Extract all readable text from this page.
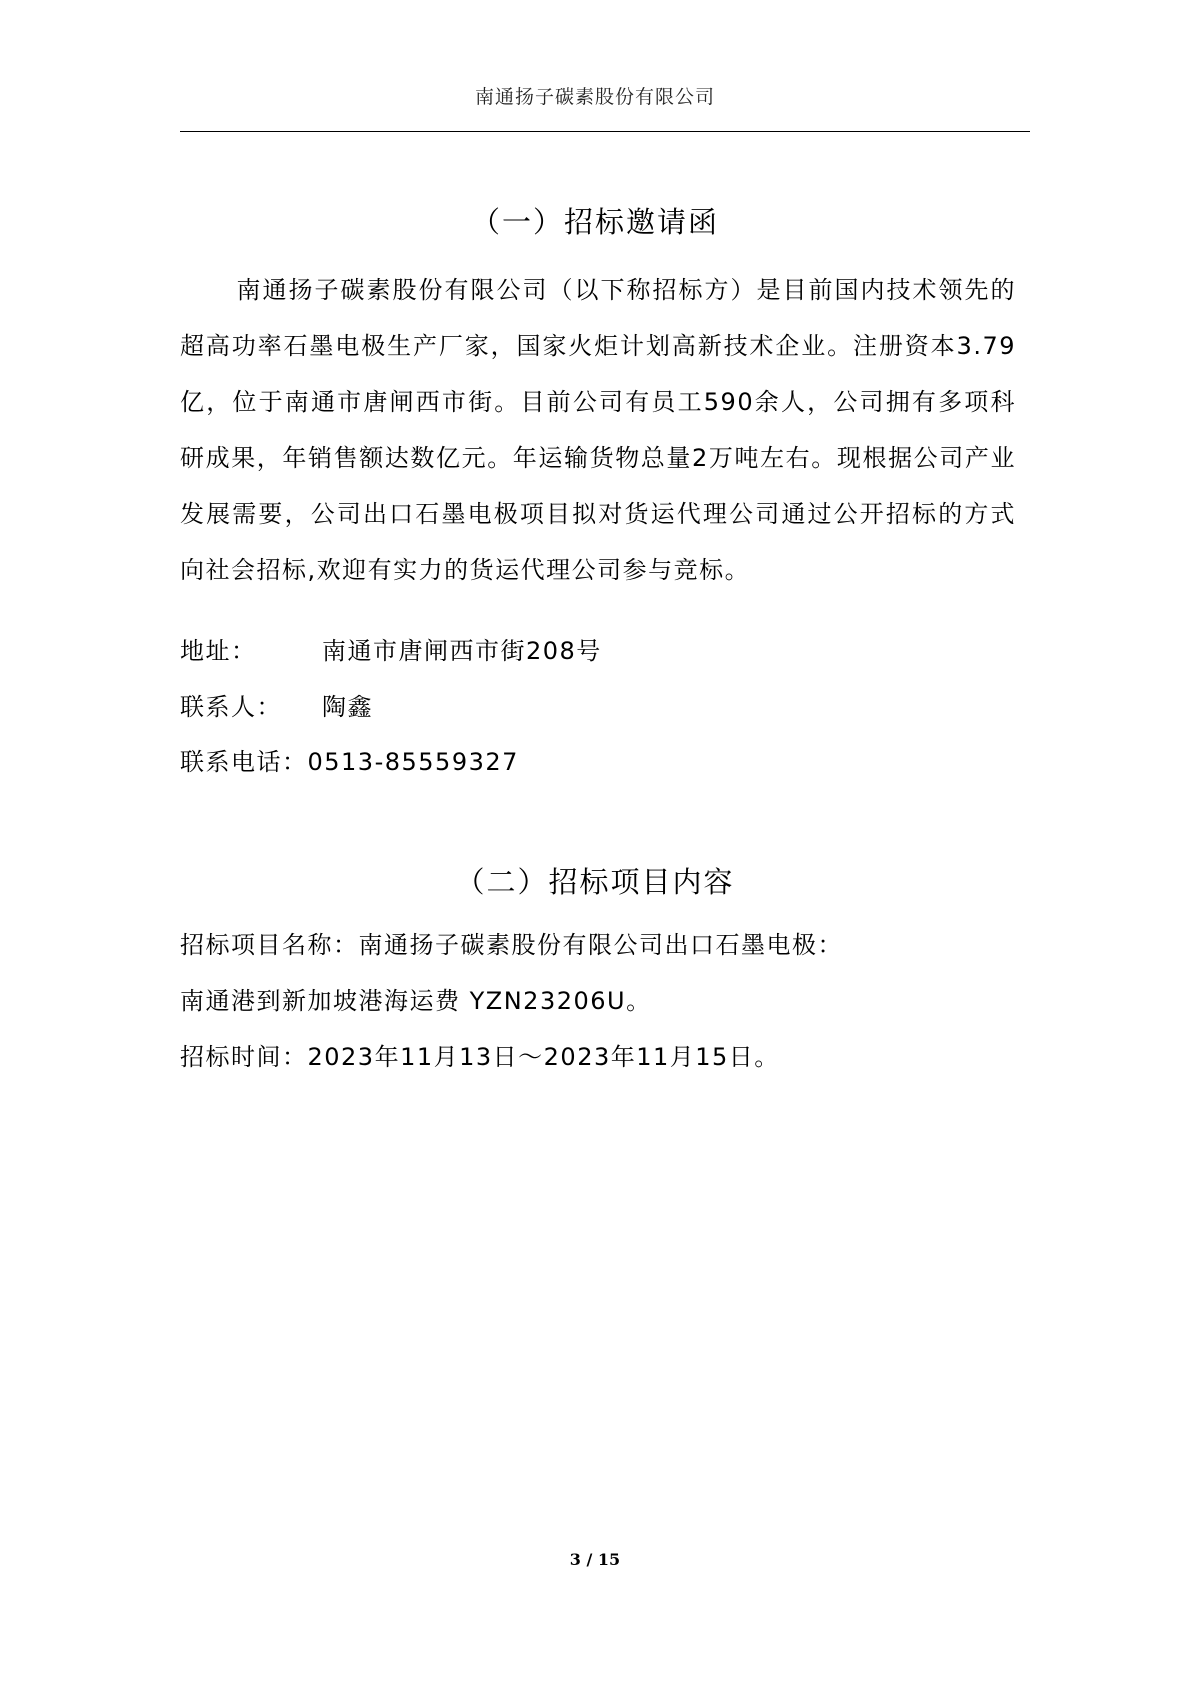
南通扬子碳素股份有限公司
（一）招标邀请函

南通扬子碳素股份有限公司（以下称招标方）是目前国内技术领先的超高功率石墨电极生产厂家，国家火炬计划高新技术企业。注册资本3.79亿，位于南通市唐闸西市街。目前公司有员工590余人，公司拥有多项科研成果，年销售额达数亿元。年运输货物总量2万吨左右。现根据公司产业发展需要，公司出口石墨电极项目拟对货运代理公司通过公开招标的方式向社会招标,欢迎有实力的货运代理公司参与竞标。

地址：	南通市唐闸西市街208号
联系人： 陶鑫
联系电话：0513-85559327
（二）招标项目内容
招标项目名称：南通扬子碳素股份有限公司出口石墨电极：
南通港到新加坡港海运费 YZN23206U。
招标时间：2023年11月13日～2023年11月15日。
3 / 15
